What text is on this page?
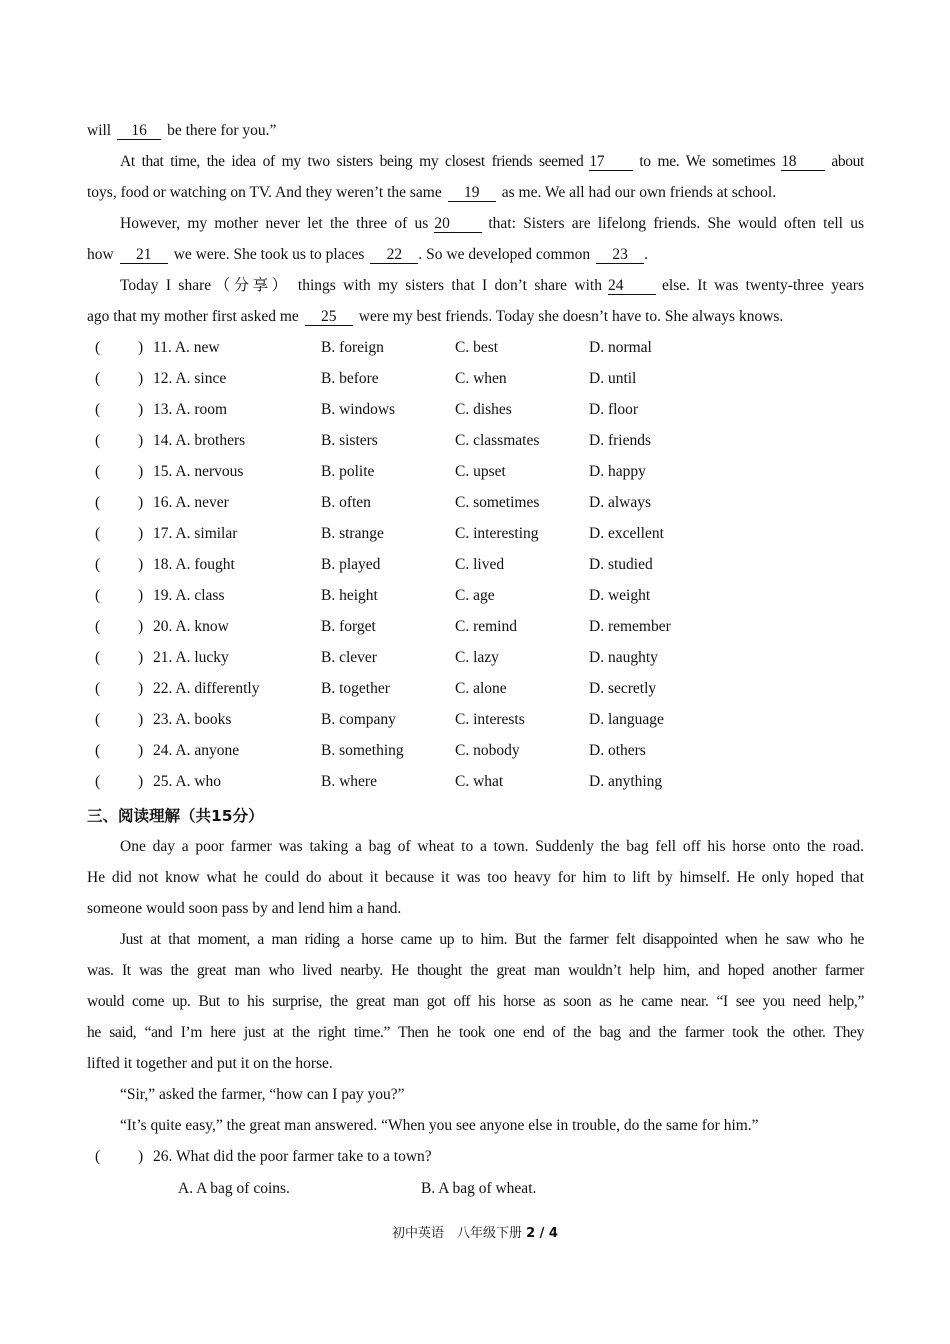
will 16 be there for you.”
At that time, the idea of my two sisters being my closest friends seemed 17 to me. We sometimes 18 about
toys, food or watching on TV. And they weren’t the same 19 as me. We all had our own friends at school.
However, my mother never let the three of us 20 that: Sisters are lifelong friends. She would often tell us
how 21 we were. She took us to places 22 . So we developed common 23 .
Today I share（分享） things with my sisters that I don’t share with 24 else. It was twenty-three years
ago that my mother first asked me 25 were my best friends. Today she doesn’t have to. She always knows.
( ) 11. A. new	B. foreign	C. best	D. normal
( ) 12. A. since	B. before	C. when	D. until
( ) 13. A. room	B. windows	C. dishes	D. floor
( ) 14. A. brothers	B. sisters	C. classmates	D. friends
( ) 15. A. nervous	B. polite	C. upset	D. happy
( ) 16. A. never	B. often	C. sometimes	D. always
( ) 17. A. similar	B. strange	C. interesting	D. excellent
( ) 18. A. fought	B. played	C. lived	D. studied
( ) 19. A. class	B. height	C. age	D. weight
( ) 20. A. know	B. forget	C. remind	D. remember
( ) 21. A. lucky	B. clever	C. lazy	D. naughty
( ) 22. A. differently	B. together	C. alone	D. secretly
( ) 23. A. books	B. company	C. interests	D. language
( ) 24. A. anyone	B. something	C. nobody	D. others
( ) 25. A. who	B. where	C. what	D. anything
三、阅读理解（共15分）
One day a poor farmer was taking a bag of wheat to a town. Suddenly the bag fell off his horse onto the road.
He did not know what he could do about it because it was too heavy for him to lift by himself. He only hoped that
someone would soon pass by and lend him a hand.
Just at that moment, a man riding a horse came up to him. But the farmer felt disappointed when he saw who he
was. It was the great man who lived nearby. He thought the great man wouldn’t help him, and hoped another farmer
would come up. But to his surprise, the great man got off his horse as soon as he came near. “I see you need help,”
he said, “and I’m here just at the right time.” Then he took one end of the bag and the farmer took the other. They
lifted it together and put it on the horse.
“Sir,” asked the farmer, “how can I pay you?”
“It’s quite easy,” the great man answered. “When you see anyone else in trouble, do the same for him.”
( ) 26. What did the poor farmer take to a town?
A. A bag of coins.	B. A bag of wheat.
初中英语　八年级下册 2 / 4
